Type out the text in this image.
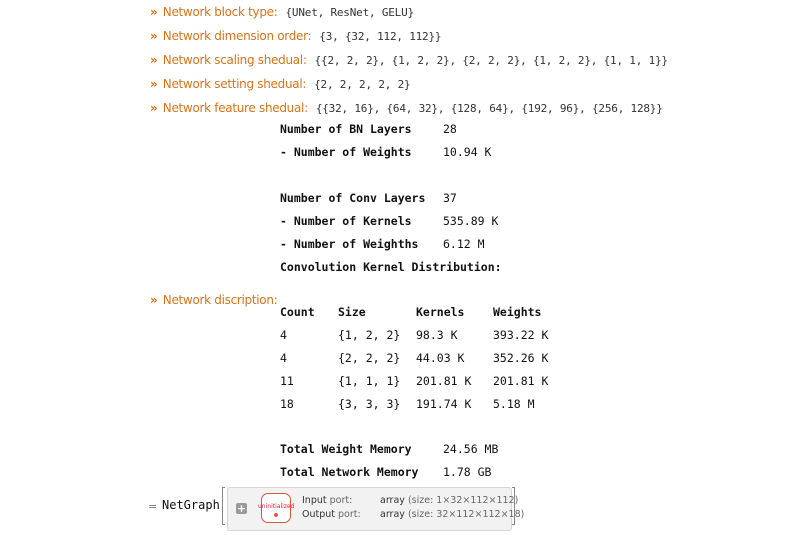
» Network block type: {UNet, ResNet, GELU}
» Network dimension order: {3, {32, 112, 112}}
» Network scaling shedual: {{2, 2, 2}, {1, 2, 2}, {2, 2, 2}, {1, 2, 2}, {1, 1, 1}}
» Network setting shedual: {2, 2, 2, 2, 2}
» Network feature shedual: {{32, 16}, {64, 32}, {128, 64}, {192, 96}, {256, 128}}
» Network discription:

Number of BN Layers	28

- Number of Weights	10.94 K

Number of Conv Layers 37

- Number of Kernels	535.89 K

- Number of Weighths 6.12 M

Convolution Kernel Distribution:

Count Size	Kernels Weights

4	{1, 2, 2} 98.3 K	393.22 K

4	{2, 2, 2} 44.03 K 352.26 K

11	{1, 1, 1} 201.81 K 201.81 K

18	{3, 3, 3} 191.74 K 5.18 M

Total Weight Memory	24.56 MB

Total Network Memory 1.78 GB

= NetGraph + uninitialized
Input port:	array (size: 1×32×112×112)
Output port: array (size: 32×112×112×18)
